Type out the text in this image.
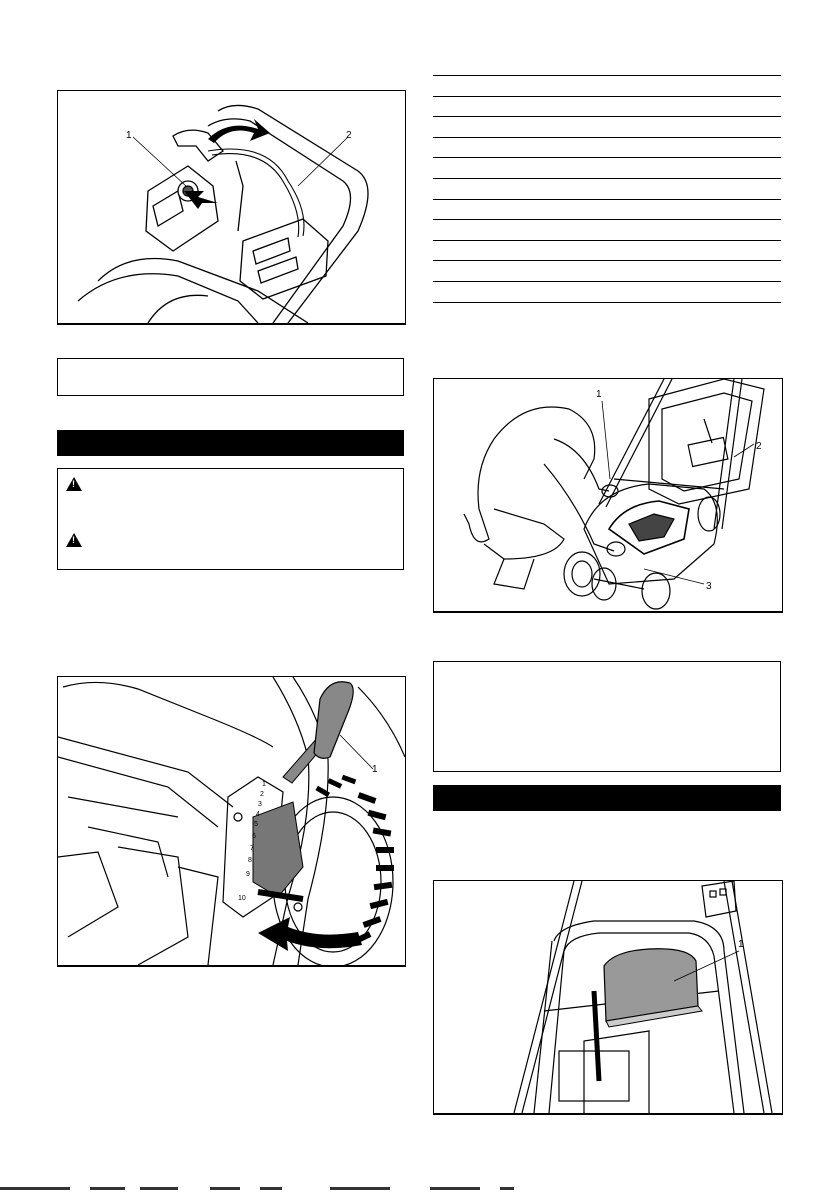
1	2
!
!
1
1
2
3
4
5
6
7
8
9
10

1
2
3
1
